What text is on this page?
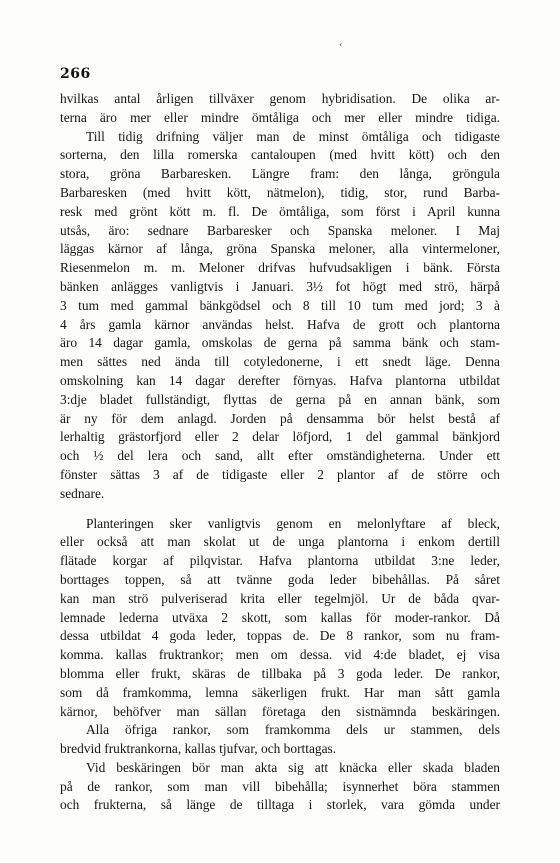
‹
266
hvilkas antal årligen tillväxer genom hybridisation. De olika ar-
terna äro mer eller mindre ömtåliga och mer eller mindre tidiga.
Till tidig drifning väljer man de minst ömtåliga och tidigaste
sorterna, den lilla romerska cantaloupen (med hvitt kött) och den
stora, gröna Barbaresken. Längre fram: den långa, gröngula
Barbaresken (med hvitt kött, nätmelon), tidig, stor, rund Barba-
resk med grönt kött m. fl. De ömtåliga, som först i April kunna
utsås, äro: sednare Barbaresker och Spanska meloner. I Maj
läggas kärnor af långa, gröna Spanska meloner, alla vintermeloner,
Riesenmelon m. m. Meloner drifvas hufvudsakligen i bänk. Första
bänken anlägges vanligtvis i Januari. 3½ fot högt med strö, härpå
3 tum med gammal bänkgödsel och 8 till 10 tum med jord; 3 à
4 års gamla kärnor användas helst. Hafva de grott och plantorna
äro 14 dagar gamla, omskolas de gerna på samma bänk och stam-
men sättes ned ända till cotyledonerne, i ett snedt läge. Denna
omskolning kan 14 dagar derefter förnyas. Hafva plantorna utbildat
3:dje bladet fullständigt, flyttas de gerna på en annan bänk, som
är ny för dem anlagd. Jorden på densamma bör helst bestå af
lerhaltig grästorfjord eller 2 delar löfjord, 1 del gammal bänkjord
och ½ del lera och sand, allt efter omständigheterna. Under ett
fönster sättas 3 af de tidigaste eller 2 plantor af de större och
sednare.
Planteringen sker vanligtvis genom en melonlyftare af bleck,
eller också att man skolat ut de unga plantorna i enkom dertill
flätade korgar af pilqvistar. Hafva plantorna utbildat 3:ne leder,
borttages toppen, så att tvänne goda leder bibehållas. På såret
kan man strö pulveriserad krita eller tegelmjöl. Ur de båda qvar-
lemnade lederna utväxa 2 skott, som kallas för moder-rankor. Då
dessa utbildat 4 goda leder, toppas de. De 8 rankor, som nu fram-
komma. kallas fruktrankor; men om dessa. vid 4:de bladet, ej visa
blomma eller frukt, skäras de tillbaka på 3 goda leder. De rankor,
som då framkomma, lemna säkerligen frukt. Har man sått gamla
kärnor, behöfver man sällan företaga den sistnämnda beskäringen.
Alla öfriga rankor, som framkomma dels ur stammen, dels
bredvid fruktrankorna, kallas tjufvar, och borttagas.
Vid beskäringen bör man akta sig att knäcka eller skada bladen
på de rankor, som man vill bibehålla; isynnerhet böra stammen
och frukterna, så länge de tilltaga i storlek, vara gömda under
